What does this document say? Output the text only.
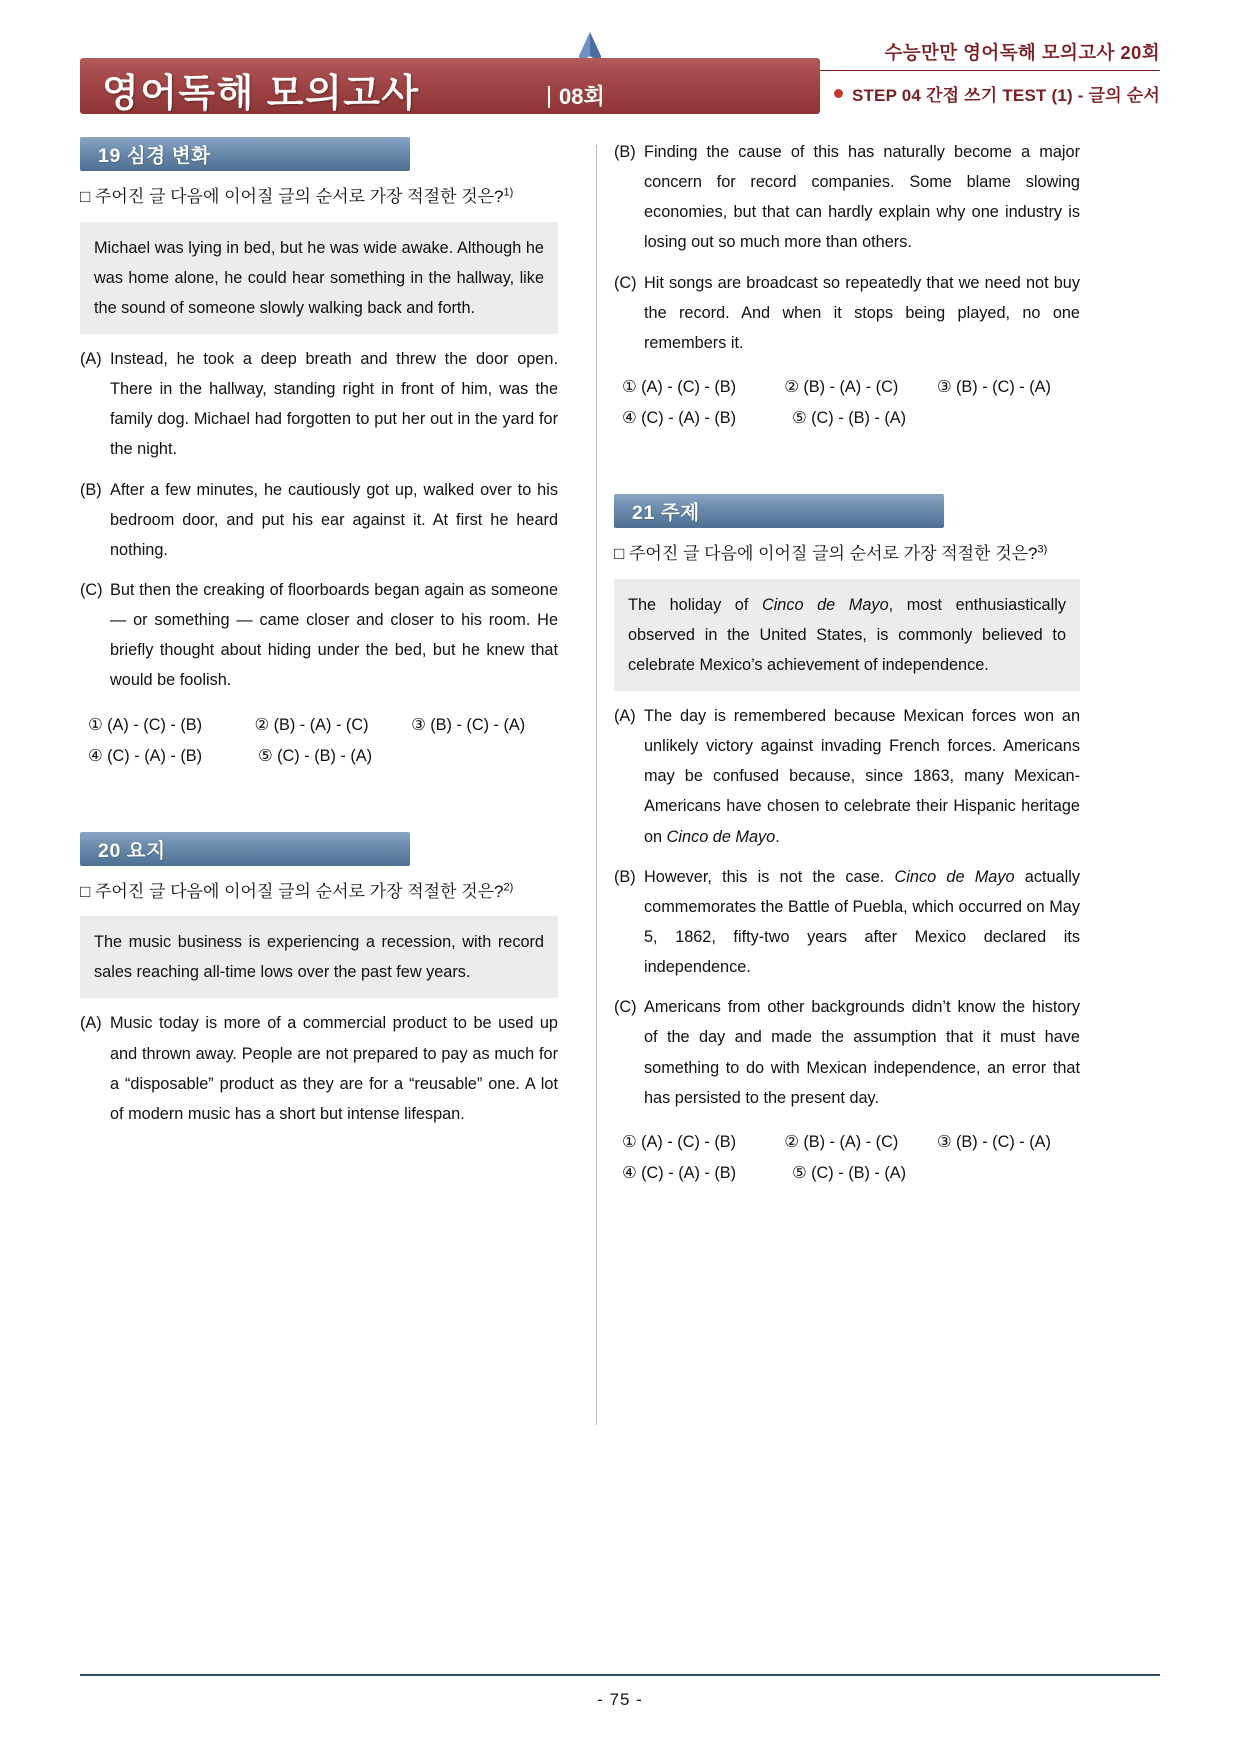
수능만만 영어독해 모의고사 20회
STEP 04 간접 쓰기 TEST (1) - 글의 순서
영어독해 모의고사	08회
19 심경 변화
□ 주어진 글 다음에 이어질 글의 순서로 가장 적절한 것은?$^{1)}$
Michael was lying in bed, but he was wide awake. Although he was home alone, he could hear something in the hallway, like the sound of someone slowly walking back and forth.
(A) Instead, he took a deep breath and threw the door open. There in the hallway, standing right in front of him, was the family dog. Michael had forgotten to put her out in the yard for the night.
(B) After a few minutes, he cautiously got up, walked over to his bedroom door, and put his ear against it. At first he heard nothing.
(C) But then the creaking of floorboards began again as someone — or something — came closer and closer to his room. He briefly thought about hiding under the bed, but he knew that would be foolish.
① (A) - (C) - (B)	② (B) - (A) - (C)	③ (B) - (C) - (A)
④ (C) - (A) - (B)	⑤ (C) - (B) - (A)
20 요지
□ 주어진 글 다음에 이어질 글의 순서로 가장 적절한 것은?$^{2)}$
The music business is experiencing a recession, with record sales reaching all-time lows over the past few years.
(A) Music today is more of a commercial product to be used up and thrown away. People are not prepared to pay as much for a “disposable” product as they are for a “reusable” one. A lot of modern music has a short but intense lifespan.
(B) Finding the cause of this has naturally become a major concern for record companies. Some blame slowing economies, but that can hardly explain why one industry is losing out so much more than others.
(C) Hit songs are broadcast so repeatedly that we need not buy the record. And when it stops being played, no one remembers it.
① (A) - (C) - (B)	② (B) - (A) - (C)	③ (B) - (C) - (A)
④ (C) - (A) - (B)	⑤ (C) - (B) - (A)
21 주제
□ 주어진 글 다음에 이어질 글의 순서로 가장 적절한 것은?$^{3)}$
The holiday of Cinco de Mayo, most enthusiastically observed in the United States, is commonly believed to celebrate Mexico’s achievement of independence.
(A) The day is remembered because Mexican forces won an unlikely victory against invading French forces. Americans may be confused because, since 1863, many Mexican-Americans have chosen to celebrate their Hispanic heritage on Cinco de Mayo.
(B) However, this is not the case. Cinco de Mayo actually commemorates the Battle of Puebla, which occurred on May 5, 1862, fifty-two years after Mexico declared its independence.
(C) Americans from other backgrounds didn’t know the history of the day and made the assumption that it must have something to do with Mexican independence, an error that has persisted to the present day.
① (A) - (C) - (B)	② (B) - (A) - (C)	③ (B) - (C) - (A)
④ (C) - (A) - (B)	⑤ (C) - (B) - (A)
- 75 -
